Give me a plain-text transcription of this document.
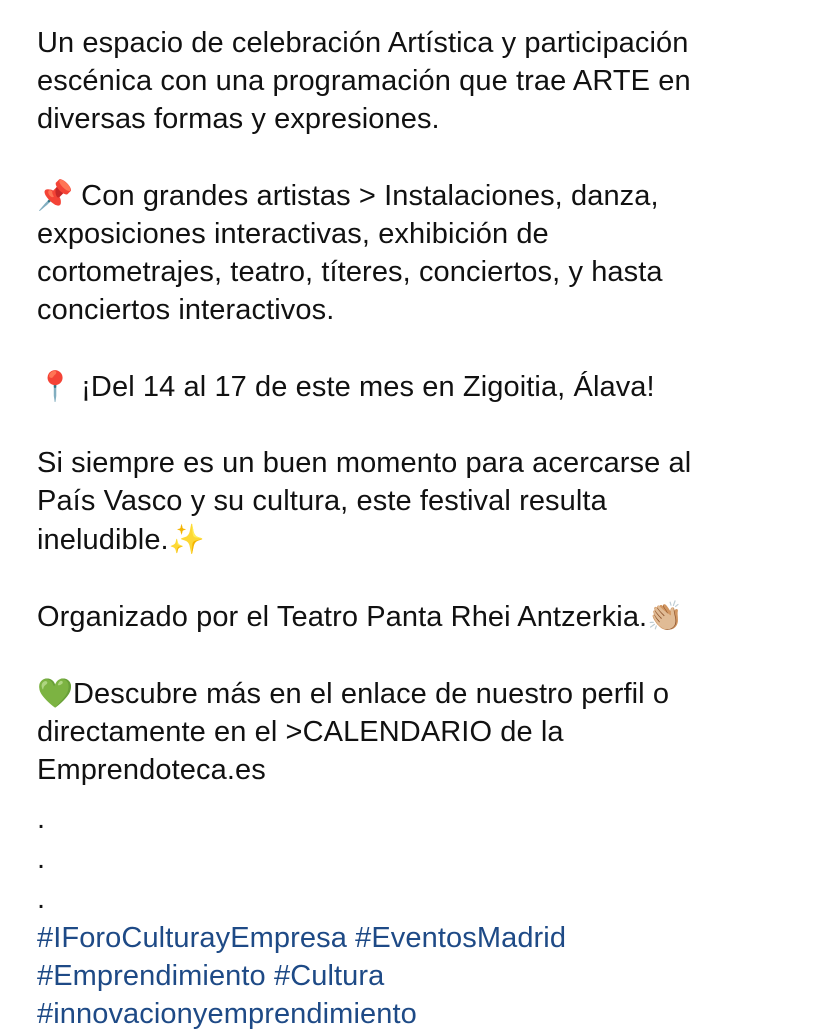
Un espacio de celebración Artística y participación
escénica con una programación que trae ARTE en
diversas formas y expresiones.
📌 Con grandes artistas > Instalaciones, danza,
exposiciones interactivas, exhibición de
cortometrajes, teatro, títeres, conciertos, y hasta
conciertos interactivos.
📍 ¡Del 14 al 17 de este mes en Zigoitia, Álava!
Si siempre es un buen momento para acercarse al
País Vasco y su cultura, este festival resulta
ineludible.✨
Organizado por el Teatro Panta Rhei Antzerkia.👏🏼
💚Descubre más en el enlace de nuestro perfil o
directamente en el >CALENDARIO de la
Emprendoteca.es
.
.
.
#IForoCulturayEmpresa #EventosMadrid
#Emprendimiento #Cultura
#innovacionyemprendimiento
